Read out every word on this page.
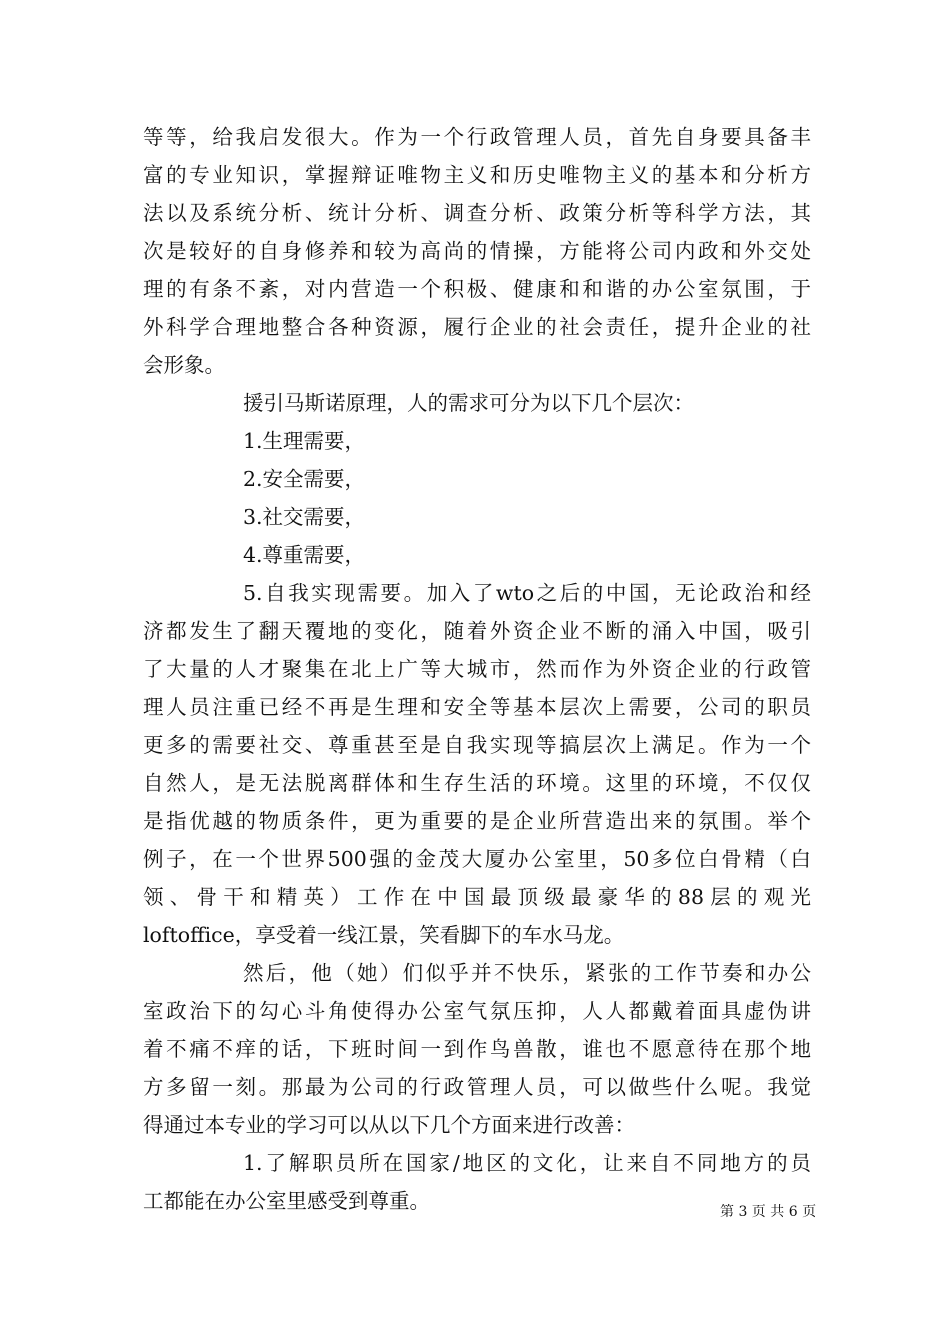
等等，给我启发很大。作为一个行政管理人员，首先自身要具备丰
富的专业知识，掌握辩证唯物主义和历史唯物主义的基本和分析方
法以及系统分析、统计分析、调查分析、政策分析等科学方法，其
次是较好的自身修养和较为高尚的情操，方能将公司内政和外交处
理的有条不紊，对内营造一个积极、健康和和谐的办公室氛围，于
外科学合理地整合各种资源，履行企业的社会责任，提升企业的社
会形象。
援引马斯诺原理，人的需求可分为以下几个层次：
1.生理需要，
2.安全需要，
3.社交需要，
4.尊重需要，
5.自我实现需要。加入了wto之后的中国，无论政治和经
济都发生了翻天覆地的变化，随着外资企业不断的涌入中国，吸引
了大量的人才聚集在北上广等大城市，然而作为外资企业的行政管
理人员注重已经不再是生理和安全等基本层次上需要，公司的职员
更多的需要社交、尊重甚至是自我实现等搞层次上满足。作为一个
自然人，是无法脱离群体和生存生活的环境。这里的环境，不仅仅
是指优越的物质条件，更为重要的是企业所营造出来的氛围。举个
例子，在一个世界500强的金茂大厦办公室里，50多位白骨精（白
领、骨干和精英）工作在中国最顶级最豪华的88层的观光
loftoffice，享受着一线江景，笑看脚下的车水马龙。
然后，他（她）们似乎并不快乐，紧张的工作节奏和办公
室政治下的勾心斗角使得办公室气氛压抑，人人都戴着面具虚伪讲
着不痛不痒的话，下班时间一到作鸟兽散，谁也不愿意待在那个地
方多留一刻。那最为公司的行政管理人员，可以做些什么呢。我觉
得通过本专业的学习可以从以下几个方面来进行改善：
1.了解职员所在国家/地区的文化，让来自不同地方的员
工都能在办公室里感受到尊重。	第 3 页 共 6 页
